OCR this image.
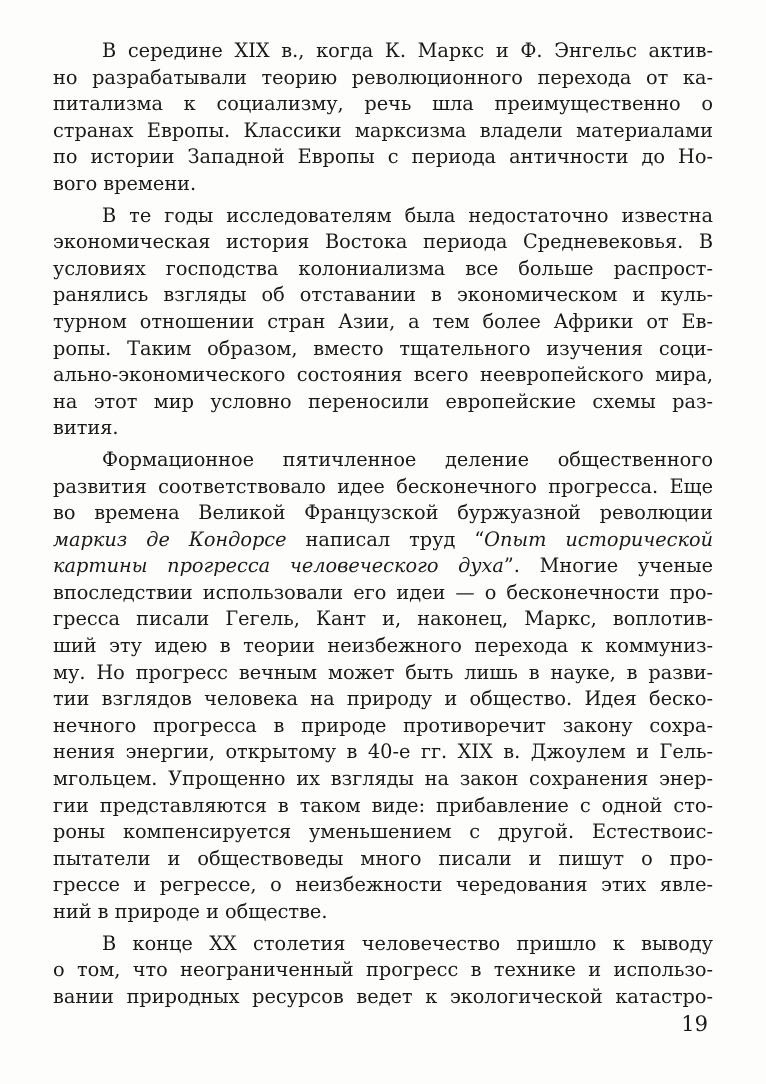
В середине XIX в., когда К. Маркс и Ф. Энгельс актив-
но разрабатывали теорию революционного перехода от ка-
питализма к социализму, речь шла преимущественно о
странах Европы. Классики марксизма владели материалами
по истории Западной Европы с периода античности до Но-
вого времени.
В те годы исследователям была недостаточно известна
экономическая история Востока периода Средневековья. В
условиях господства колониализма все больше распрост-
ранялись взгляды об отставании в экономическом и куль-
турном отношении стран Азии, а тем более Африки от Ев-
ропы. Таким образом, вместо тщательного изучения соци-
ально-экономического состояния всего неевропейского мира,
на этот мир условно переносили европейские схемы раз-
вития.
Формационное пятичленное деление общественного
развития соответствовало идее бесконечного прогресса. Еще
во времена Великой Французской буржуазной революции
маркиз де Кондорсе написал труд “Опыт исторической
картины прогресса человеческого духа”. Многие ученые
впоследствии использовали его идеи — о бесконечности про-
гресса писали Гегель, Кант и, наконец, Маркс, воплотив-
ший эту идею в теории неизбежного перехода к коммуниз-
му. Но прогресс вечным может быть лишь в науке, в разви-
тии взглядов человека на природу и общество. Идея беско-
нечного прогресса в природе противоречит закону сохра-
нения энергии, открытому в 40-е гг. XIX в. Джоулем и Гель-
мгольцем. Упрощенно их взгляды на закон сохранения энер-
гии представляются в таком виде: прибавление с одной сто-
роны компенсируется уменьшением с другой. Естествоис-
пытатели и обществоведы много писали и пишут о про-
грессе и регрессе, о неизбежности чередования этих явле-
ний в природе и обществе.
В конце XX столетия человечество пришло к выводу
о том, что неограниченный прогресс в технике и использо-
вании природных ресурсов ведет к экологической катастро-
19
